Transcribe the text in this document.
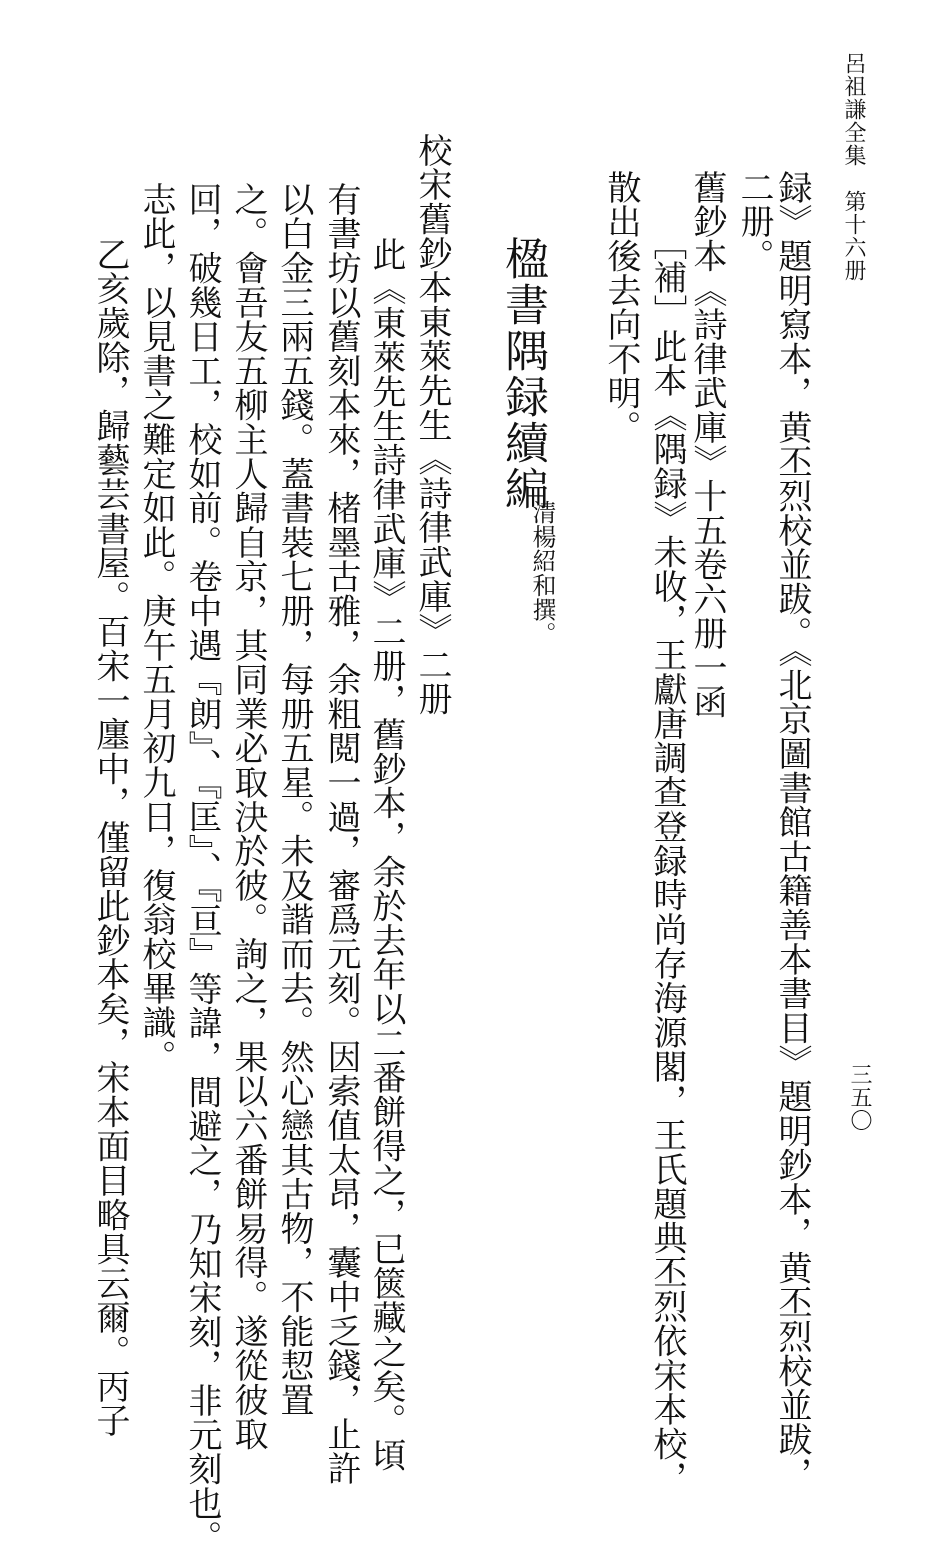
呂祖謙全集　第十六册
三五〇
録》題明寫本，黄丕烈校並跋。《北京圖書館古籍善本書目》題明鈔本，黄丕烈校並跋，
二册。
舊鈔本《詩律武庫》十五卷六册一函
［補］此本《隅録》未收，王獻唐調查登録時尚存海源閣，王氏題典丕烈依宋本校，
散出後去向不明。
楹書隅録續編
清楊紹和撰。
校宋舊鈔本東萊先生《詩律武庫》二册
此《東萊先生詩律武庫》二册，舊鈔本，余於去年以二番餅得之，已篋藏之矣。頃
有書坊以舊刻本來，楮墨古雅，余粗閲一過，審爲元刻。因索值太昂，囊中乏錢，止許
以白金三兩五錢。蓋書裝七册，每册五星。未及諧而去。然心戀其古物，不能恝置
之。會吾友五柳主人歸自京，其同業必取決於彼。詢之，果以六番餅易得。遂從彼取
回，破幾日工，校如前。卷中遇『朗』、『匡』、『亘』等諱，間避之，乃知宋刻，非元刻也。
志此，以見書之難定如此。庚午五月初九日，復翁校畢識。
乙亥歲除，歸藝芸書屋。百宋一廛中，僅留此鈔本矣，宋本面目略具云爾。丙子
